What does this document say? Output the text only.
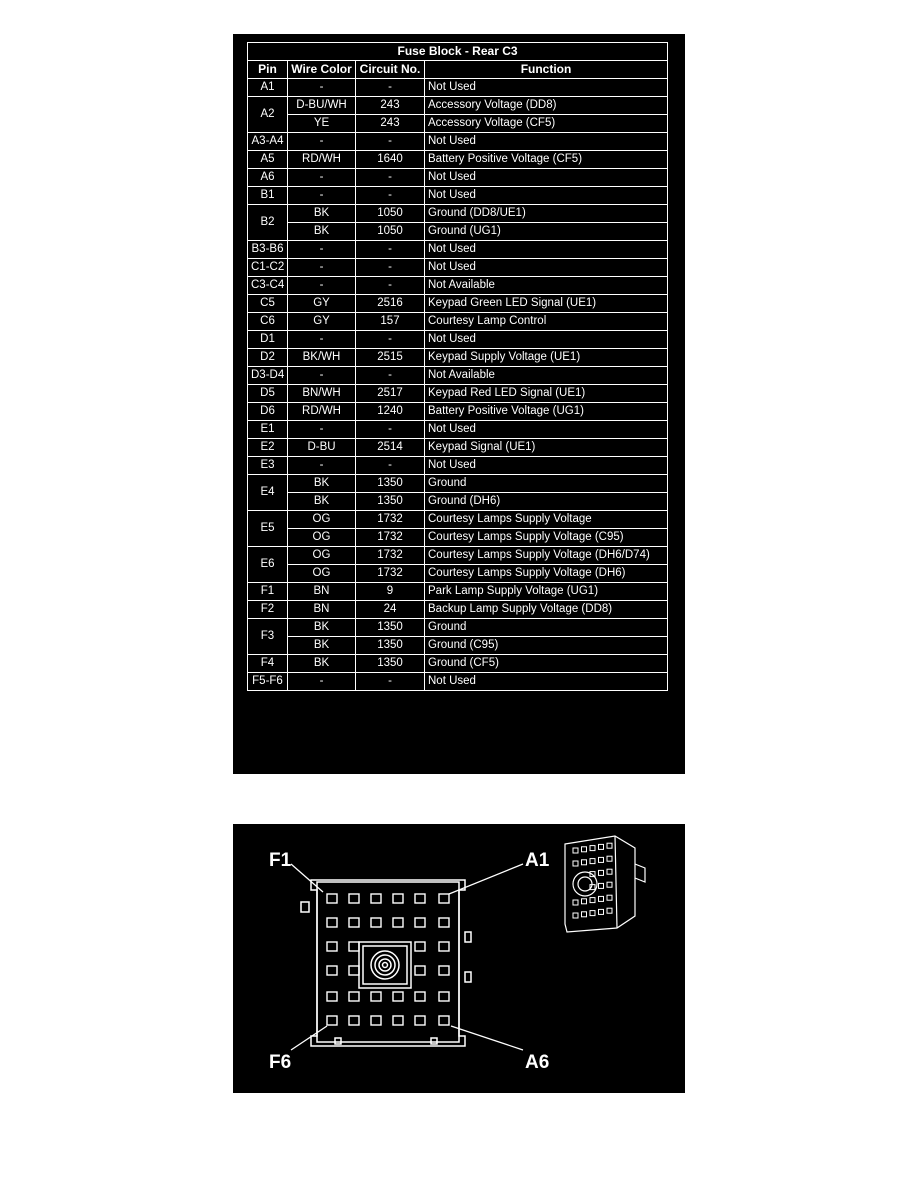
Fuse Block - Rear C3			
Pin	Wire Color	Circuit No.	Function
A1	-	-	Not Used
A2	D-BU/WH	243	Accessory Voltage (DD8)
	YE	243	Accessory Voltage (CF5)
A3-A4	-	-	Not Used
A5	RD/WH	1640	Battery Positive Voltage (CF5)
A6	-	-	Not Used
B1	-	-	Not Used
B2	BK	1050	Ground (DD8/UE1)
	BK	1050	Ground (UG1)
B3-B6	-	-	Not Used
C1-C2	-	-	Not Used
C3-C4	-	-	Not Available
C5	GY	2516	Keypad Green LED Signal (UE1)
C6	GY	157	Courtesy Lamp Control
D1	-	-	Not Used
D2	BK/WH	2515	Keypad Supply Voltage (UE1)
D3-D4	-	-	Not Available
D5	BN/WH	2517	Keypad Red LED Signal (UE1)
D6	RD/WH	1240	Battery Positive Voltage (UG1)
E1	-	-	Not Used
E2	D-BU	2514	Keypad Signal (UE1)
E3	-	-	Not Used
E4	BK	1350	Ground
	BK	1350	Ground (DH6)
E5	OG	1732	Courtesy Lamps Supply Voltage
	OG	1732	Courtesy Lamps Supply Voltage (C95)
E6	OG	1732	Courtesy Lamps Supply Voltage (DH6/D74)
	OG	1732	Courtesy Lamps Supply Voltage (DH6)
F1	BN	9	Park Lamp Supply Voltage (UG1)
F2	BN	24	Backup Lamp Supply Voltage (DD8)
F3	BK	1350	Ground
	BK	1350	Ground (C95)
F4	BK	1350	Ground (CF5)
F5-F6	-	-	Not Used
F1	A1
F6	A6
